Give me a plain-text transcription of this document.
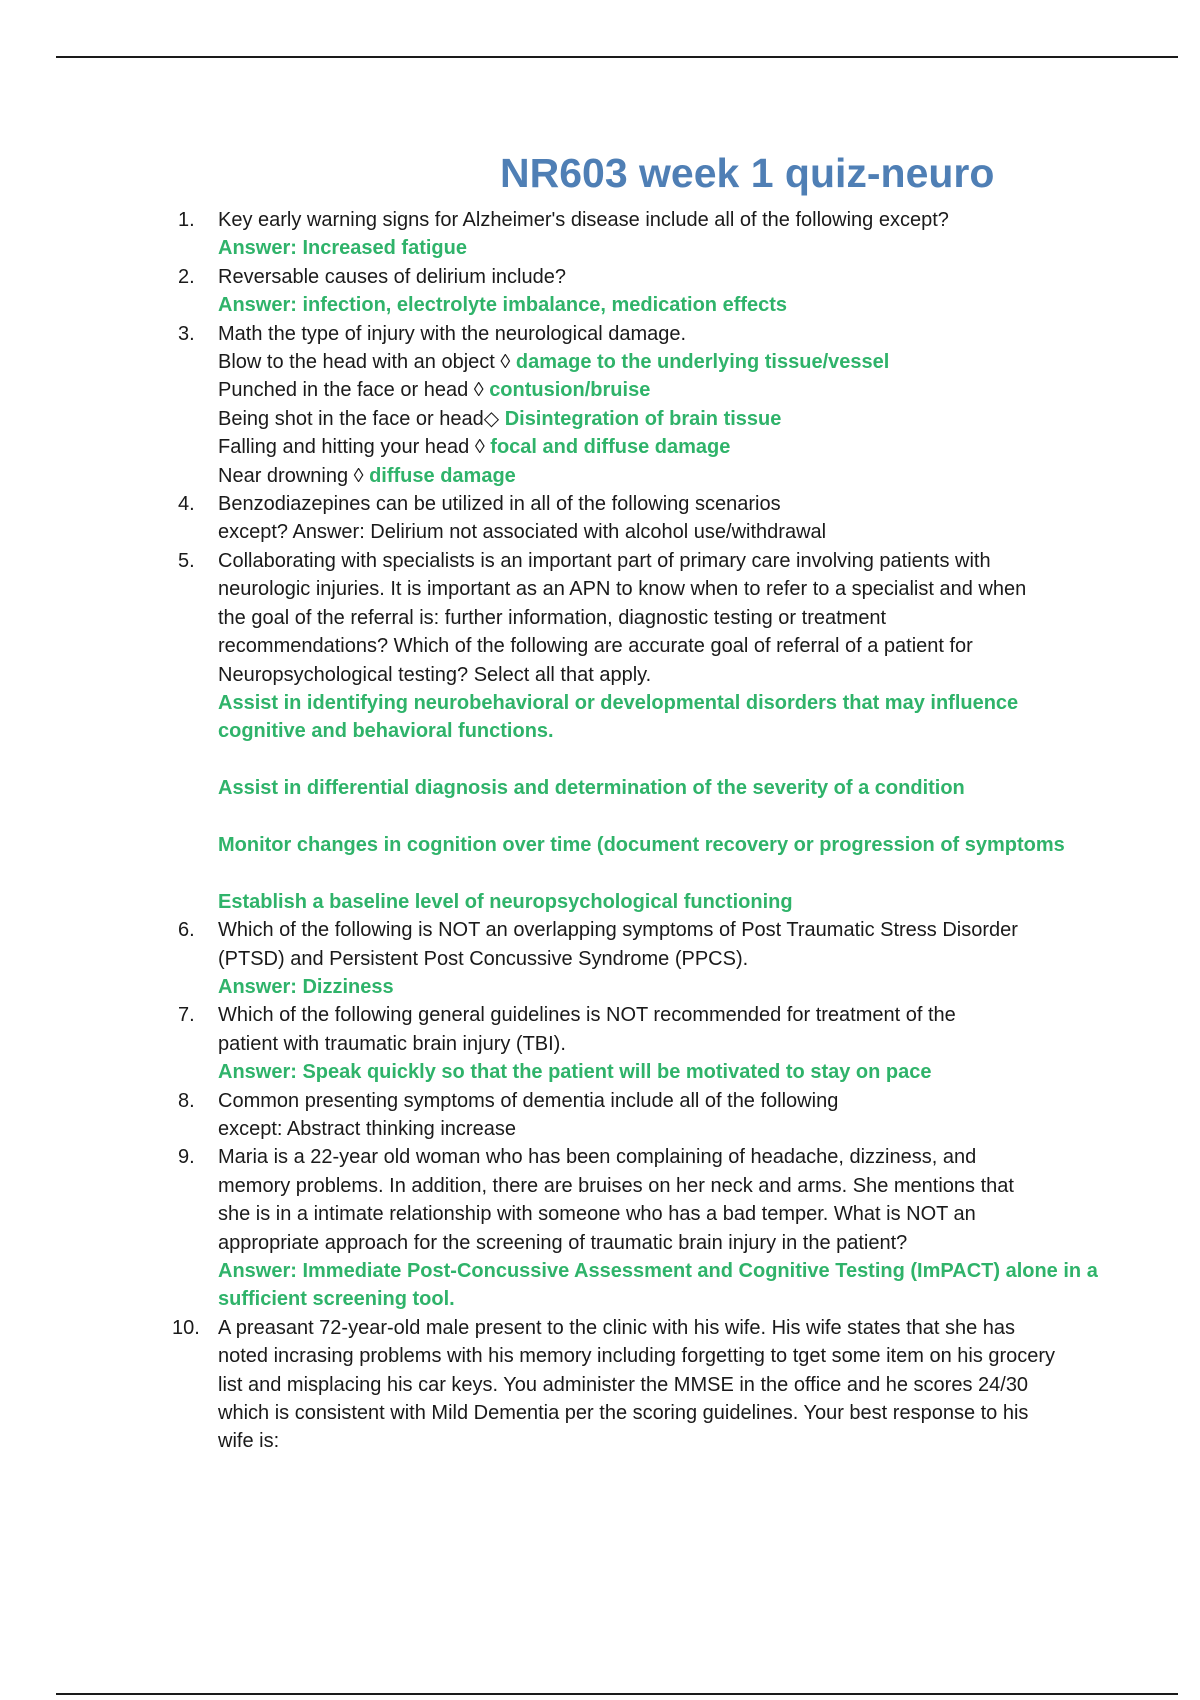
NR603 week 1 quiz-neuro
1. Key early warning signs for Alzheimer's disease include all of the following except?
Answer: Increased fatigue
2. Reversable causes of delirium include?
Answer: infection, electrolyte imbalance, medication effects
3. Math the type of injury with the neurological damage.
Blow to the head with an object ◊ damage to the underlying tissue/vessel
Punched in the face or head ◊ contusion/bruise
Being shot in the face or head◇ Disintegration of brain tissue
Falling and hitting your head ◊ focal and diffuse damage
Near drowning ◊ diffuse damage
4. Benzodiazepines can be utilized in all of the following scenarios
except? Answer: Delirium not associated with alcohol use/withdrawal
5. Collaborating with specialists is an important part of primary care involving patients with
neurologic injuries. It is important as an APN to know when to refer to a specialist and when
the goal of the referral is: further information, diagnostic testing or treatment
recommendations? Which of the following are accurate goal of referral of a patient for
Neuropsychological testing? Select all that apply.
Assist in identifying neurobehavioral or developmental disorders that may influence cognitive and behavioral functions.
Assist in differential diagnosis and determination of the severity of a condition
Monitor changes in cognition over time (document recovery or progression of symptoms
Establish a baseline level of neuropsychological functioning
6. Which of the following is NOT an overlapping symptoms of Post Traumatic Stress Disorder
(PTSD) and Persistent Post Concussive Syndrome (PPCS).
Answer: Dizziness
7. Which of the following general guidelines is NOT recommended for treatment of the
patient with traumatic brain injury (TBI).
Answer: Speak quickly so that the patient will be motivated to stay on pace
8. Common presenting symptoms of dementia include all of the following
except: Abstract thinking increase
9. Maria is a 22-year old woman who has been complaining of headache, dizziness, and
memory problems. In addition, there are bruises on her neck and arms. She mentions that
she is in a intimate relationship with someone who has a bad temper. What is NOT an
appropriate approach for the screening of traumatic brain injury in the patient?
Answer: Immediate Post-Concussive Assessment and Cognitive Testing (ImPACT) alone in a sufficient screening tool.
10. A preasant 72-year-old male present to the clinic with his wife. His wife states that she has
noted incrasing problems with his memory including forgetting to tget some item on his grocery
list and misplacing his car keys. You administer the MMSE in the office and he scores 24/30
which is consistent with Mild Dementia per the scoring guidelines. Your best response to his
wife is:
